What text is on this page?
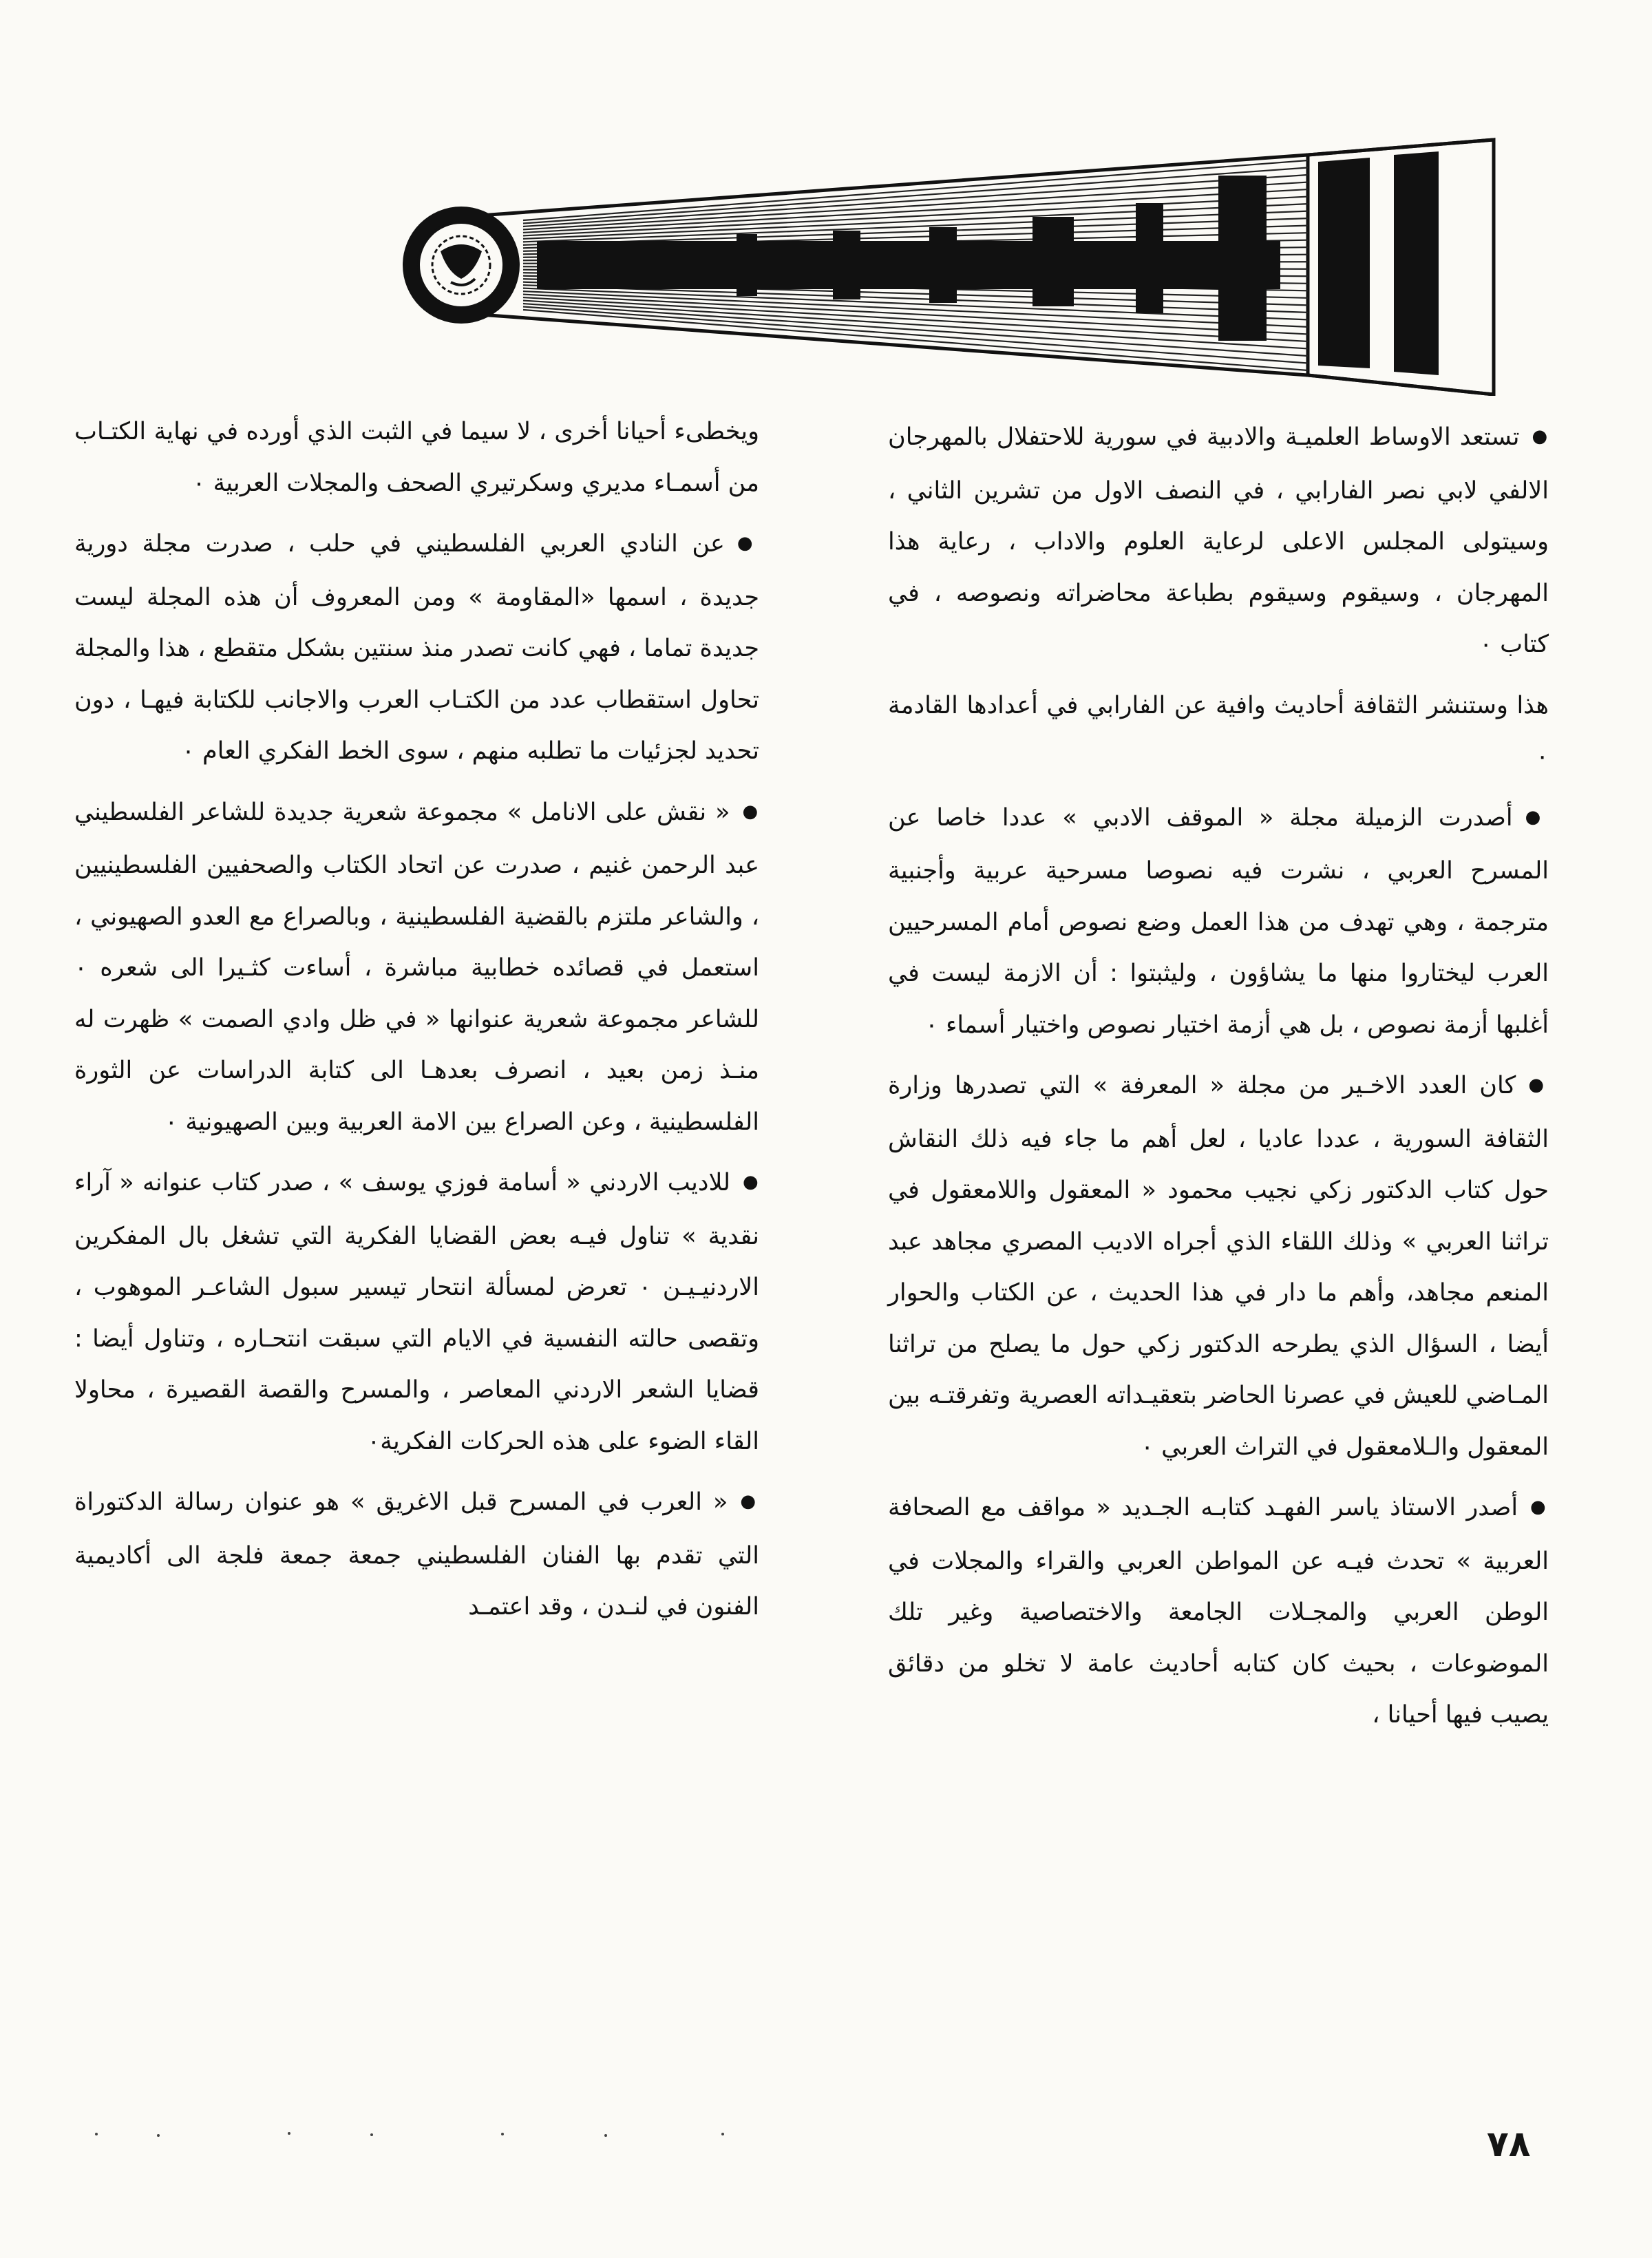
● تستعد الاوساط العلميـة والادبية في سورية للاحتفلال بالمهرجان الالفي لابي نصر الفارابي ، في النصف الاول من تشرين الثاني ، وسيتولى المجلس الاعلى لرعاية العلوم والاداب ، رعاية هذا المهرجان ، وسيقوم وسيقوم بطباعة محاضراته ونصوصه ، في كتاب ٠

هذا وستنشر الثقافة أحاديث وافية عن الفارابي في أعدادها القادمة ٠

● أصدرت الزميلة مجلة « الموقف الادبي » عددا خاصا عن المسرح العربي ، نشرت فيه نصوصا مسرحية عربية وأجنبية مترجمة ، وهي تهدف من هذا العمل وضع نصوص أمام المسرحيين العرب ليختاروا منها ما يشاؤون ، وليثبتوا : أن الازمة ليست في أغلبها أزمة نصوص ، بل هي أزمة اختيار نصوص واختيار أسماء ٠

● كان العدد الاخـير من مجلة « المعرفة » التي تصدرها وزارة الثقافة السورية ، عددا عاديا ، لعل أهم ما جاء فيه ذلك النقاش حول كتاب الدكتور زكي نجيب محمود « المعقول واللامعقول في تراثنا العربي » وذلك اللقاء الذي أجراه الاديب المصري مجاهد عبد المنعم مجاهد، وأهم ما دار في هذا الحديث ، عن الكتاب والحوار أيضا ، السؤال الذي يطرحه الدكتور زكي حول ما يصلح من تراثنا المـاضي للعيش في عصرنا الحاضر بتعقيـداته العصرية وتفرقتـه بين المعقول والـلامعقول في التراث العربي ٠

● أصدر الاستاذ ياسر الفهـد كتابـه الجـديد « مواقف مع الصحافة العربية » تحدث فيـه عن المواطن العربي والقراء والمجلات في الوطن العربي والمجـلات الجامعة والاختصاصية وغير تلك الموضوعات ، بحيث كان كتابه أحاديث عامة لا تخلو من دقائق يصيب فيها أحيانا ،

ويخطىء أحيانا أخرى ، لا سيما في الثبت الذي أورده في نهاية الكتـاب من أسمـاء مديري وسكرتيري الصحف والمجلات العربية ٠

● عن النادي العربي الفلسطيني في حلب ، صدرت مجلة دورية جديدة ، اسمها «المقاومة » ومن المعروف أن هذه المجلة ليست جديدة تماما ، فهي كانت تصدر منذ سنتين بشكل متقطع ، هذا والمجلة تحاول استقطاب عدد من الكتـاب العرب والاجانب للكتابة فيهـا ، دون تحديد لجزئيات ما تطلبه منهم ، سوى الخط الفكري العام ٠

● « نقش على الانامل » مجموعة شعرية جديدة للشاعر الفلسطيني عبد الرحمن غنيم ، صدرت عن اتحاد الكتاب والصحفيين الفلسطينيين ، والشاعر ملتزم بالقضية الفلسطينية ، وبالصراع مع العدو الصهيوني ، استعمل في قصائده خطابية مباشرة ، أساءت كثـيرا الى شعره ٠ للشاعر مجموعة شعرية عنوانها « في ظل وادي الصمت » ظهرت له منـذ زمن بعيد ، انصرف بعدهـا الى كتابة الدراسات عن الثورة الفلسطينية ، وعن الصراع بين الامة العربية وبين الصهيونية ٠

● للاديب الاردني « أسامة فوزي يوسف » ، صدر كتاب عنوانه « آراء نقدية » تناول فيـه بعض القضايا الفكرية التي تشغل بال المفكرين الاردنيـيـن ٠ تعرض لمسألة انتحار تيسير سبول الشاعـر الموهوب ، وتقصى حالته النفسية في الايام التي سبقت انتحـاره ، وتناول أيضا : قضايا الشعر الاردني المعاصر ، والمسرح والقصة القصيرة ، محاولا القاء الضوء على هذه الحركات الفكرية٠

● « العرب في المسرح قبل الاغريق » هو عنوان رسالة الدكتوراة التي تقدم بها الفنان الفلسطيني جمعة جمعة فلجة الى أكاديمية الفنون في لنـدن ، وقد اعتمـد

٧٨
